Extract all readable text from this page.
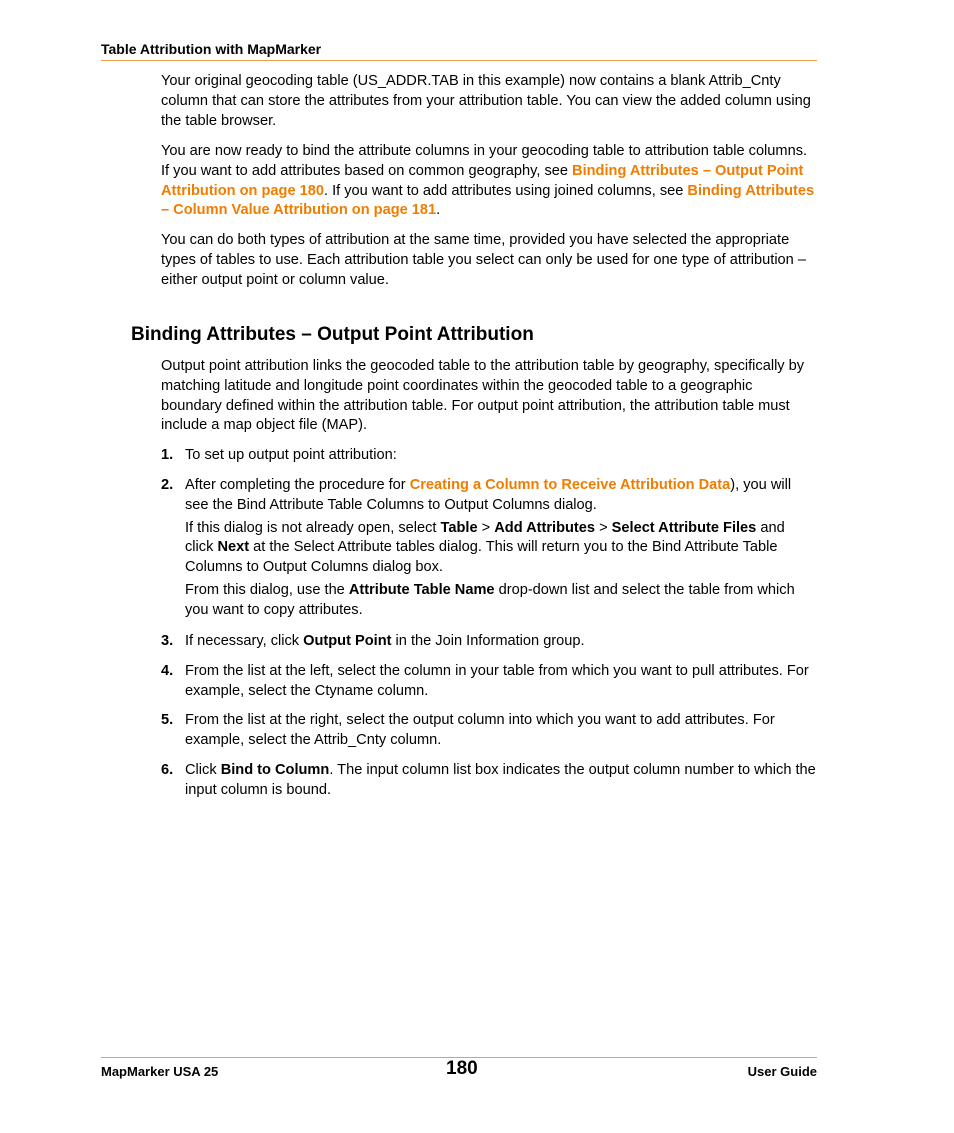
Table Attribution with MapMarker

Your original geocoding table (US_ADDR.TAB in this example) now contains a blank Attrib_Cnty column that can store the attributes from your attribution table. You can view the added column using the table browser.

You are now ready to bind the attribute columns in your geocoding table to attribution table columns. If you want to add attributes based on common geography, see Binding Attributes – Output Point Attribution on page 180. If you want to add attributes using joined columns, see Binding Attributes – Column Value Attribution on page 181.

You can do both types of attribution at the same time, provided you have selected the appropriate types of tables to use. Each attribution table you select can only be used for one type of attribution – either output point or column value.

Binding Attributes – Output Point Attribution

Output point attribution links the geocoded table to the attribution table by geography, specifically by matching latitude and longitude point coordinates within the geocoded table to a geographic boundary defined within the attribution table. For output point attribution, the attribution table must include a map object file (MAP).

1. To set up output point attribution:

2. After completing the procedure for Creating a Column to Receive Attribution Data), you will see the Bind Attribute Table Columns to Output Columns dialog.

If this dialog is not already open, select Table > Add Attributes > Select Attribute Files and click Next at the Select Attribute tables dialog. This will return you to the Bind Attribute Table Columns to Output Columns dialog box.

From this dialog, use the Attribute Table Name drop-down list and select the table from which you want to copy attributes.

3. If necessary, click Output Point in the Join Information group.

4. From the list at the left, select the column in your table from which you want to pull attributes. For example, select the Ctyname column.

5. From the list at the right, select the output column into which you want to add attributes. For example, select the Attrib_Cnty column.

6. Click Bind to Column. The input column list box indicates the output column number to which the input column is bound.

MapMarker USA 25	180	User Guide
